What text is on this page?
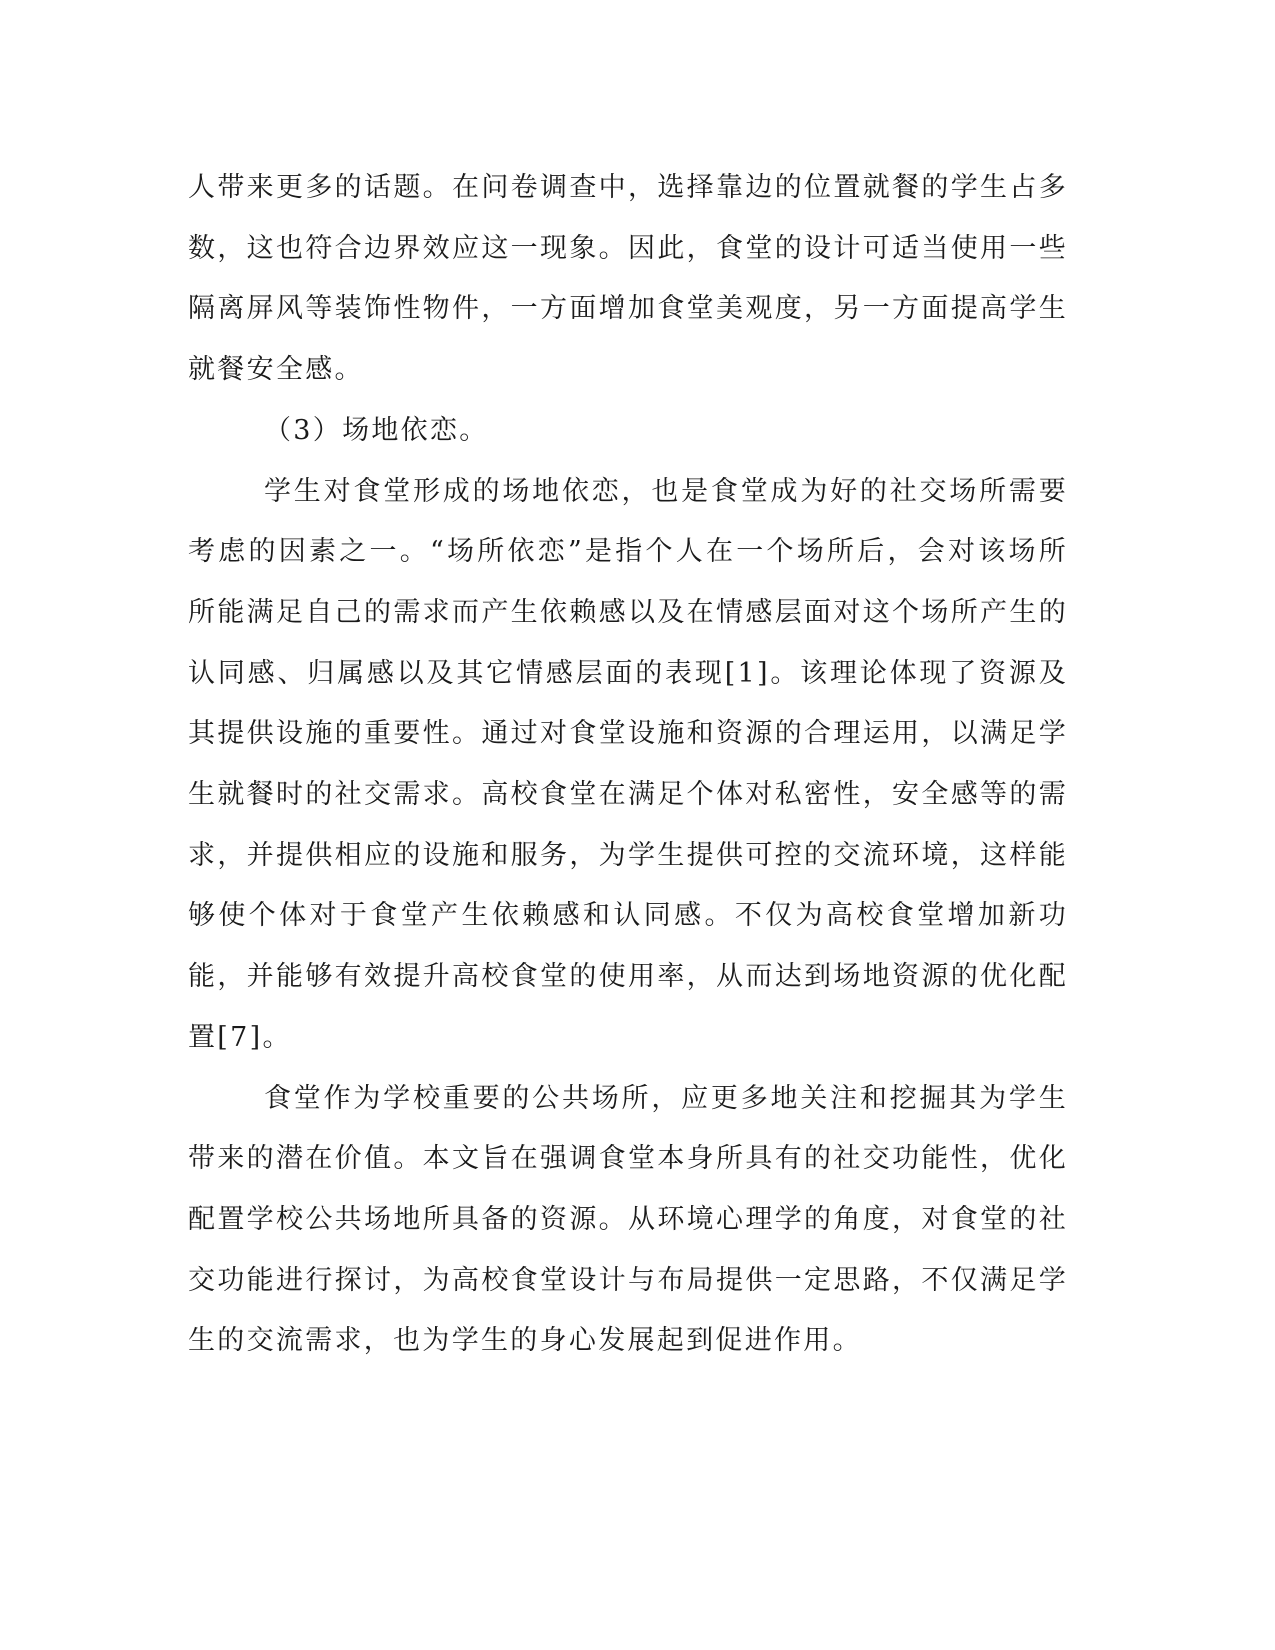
人带来更多的话题。在问卷调查中，选择靠边的位置就餐的学生占多数，这也符合边界效应这一现象。因此，食堂的设计可适当使用一些隔离屏风等装饰性物件，一方面增加食堂美观度，另一方面提高学生就餐安全感。

（3）场地依恋。

学生对食堂形成的场地依恋，也是食堂成为好的社交场所需要考虑的因素之一。“场所依恋”是指个人在一个场所后，会对该场所所能满足自己的需求而产生依赖感以及在情感层面对这个场所产生的认同感、归属感以及其它情感层面的表现[1]。该理论体现了资源及其提供设施的重要性。通过对食堂设施和资源的合理运用，以满足学生就餐时的社交需求。高校食堂在满足个体对私密性，安全感等的需求，并提供相应的设施和服务，为学生提供可控的交流环境，这样能够使个体对于食堂产生依赖感和认同感。不仅为高校食堂增加新功能，并能够有效提升高校食堂的使用率，从而达到场地资源的优化配置[7]。

食堂作为学校重要的公共场所，应更多地关注和挖掘其为学生带来的潜在价值。本文旨在强调食堂本身所具有的社交功能性，优化配置学校公共场地所具备的资源。从环境心理学的角度，对食堂的社交功能进行探讨，为高校食堂设计与布局提供一定思路，不仅满足学生的交流需求，也为学生的身心发展起到促进作用。
